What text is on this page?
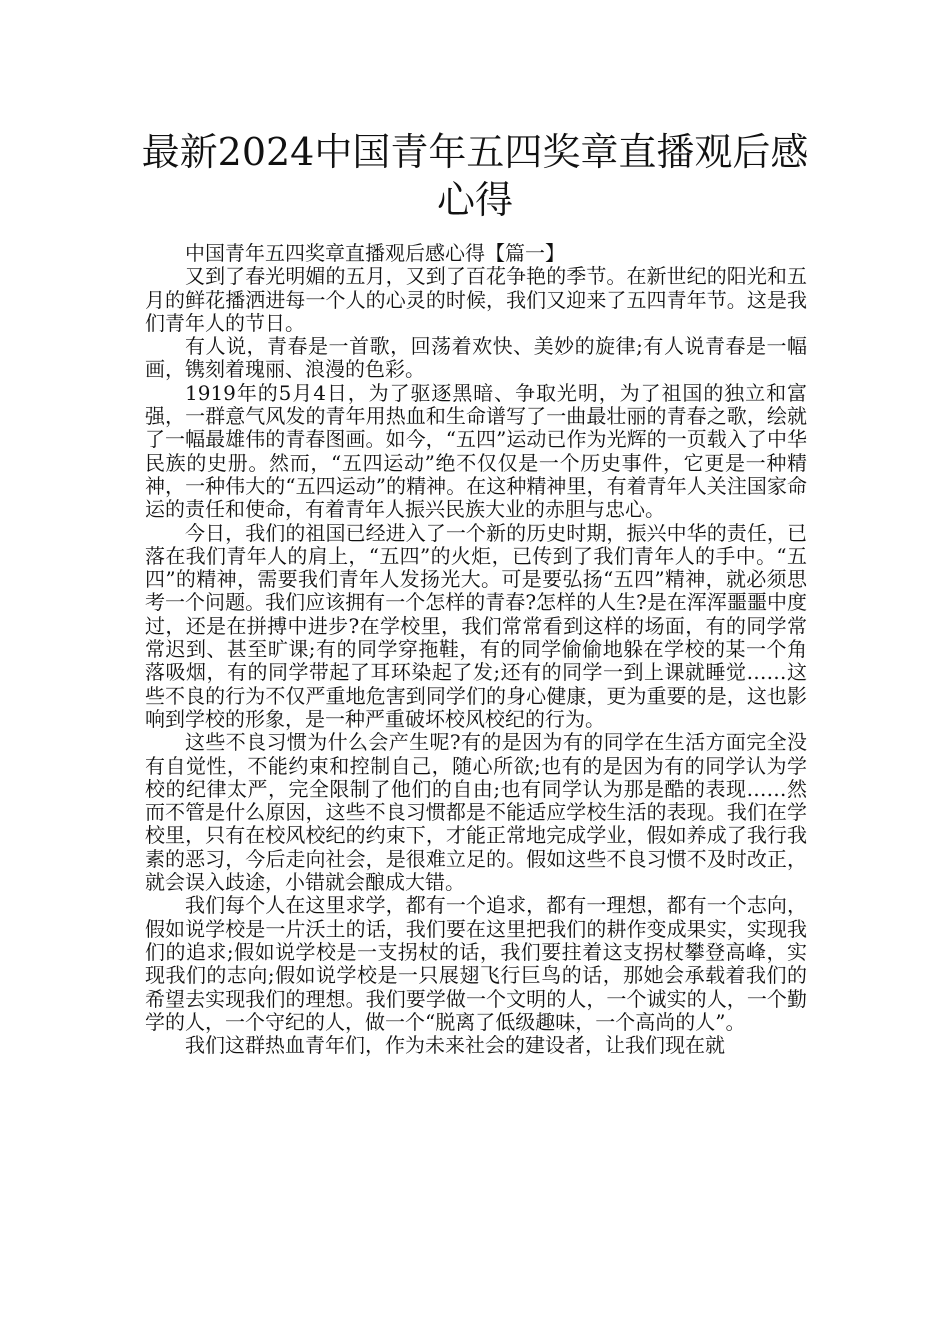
最新2024中国青年五四奖章直播观后感心得

中国青年五四奖章直播观后感心得【篇一】

又到了春光明媚的五月，又到了百花争艳的季节。在新世纪的阳光和五月的鲜花播洒进每一个人的心灵的时候，我们又迎来了五四青年节。这是我们青年人的节日。

有人说，青春是一首歌，回荡着欢快、美妙的旋律;有人说青春是一幅画，镌刻着瑰丽、浪漫的色彩。

1919年的5月4日，为了驱逐黑暗、争取光明，为了祖国的独立和富强，一群意气风发的青年用热血和生命谱写了一曲最壮丽的青春之歌，绘就了一幅最雄伟的青春图画。如今，“五四”运动已作为光辉的一页载入了中华民族的史册。然而，“五四运动”绝不仅仅是一个历史事件，它更是一种精神，一种伟大的“五四运动”的精神。在这种精神里，有着青年人关注国家命运的责任和使命，有着青年人振兴民族大业的赤胆与忠心。

今日，我们的祖国已经进入了一个新的历史时期，振兴中华的责任，已落在我们青年人的肩上，“五四”的火炬，已传到了我们青年人的手中。“五四”的精神，需要我们青年人发扬光大。可是要弘扬“五四”精神，就必须思考一个问题。我们应该拥有一个怎样的青春?怎样的人生?是在浑浑噩噩中度过，还是在拼搏中进步?在学校里，我们常常看到这样的场面，有的同学常常迟到、甚至旷课;有的同学穿拖鞋，有的同学偷偷地躲在学校的某一个角落吸烟，有的同学带起了耳环染起了发;还有的同学一到上课就睡觉……这些不良的行为不仅严重地危害到同学们的身心健康，更为重要的是，这也影响到学校的形象，是一种严重破坏校风校纪的行为。

这些不良习惯为什么会产生呢?有的是因为有的同学在生活方面完全没有自觉性，不能约束和控制自己，随心所欲;也有的是因为有的同学认为学校的纪律太严，完全限制了他们的自由;也有同学认为那是酷的表现……然而不管是什么原因，这些不良习惯都是不能适应学校生活的表现。我们在学校里，只有在校风校纪的约束下，才能正常地完成学业，假如养成了我行我素的恶习，今后走向社会，是很难立足的。假如这些不良习惯不及时改正，就会误入歧途，小错就会酿成大错。

我们每个人在这里求学，都有一个追求，都有一理想，都有一个志向，假如说学校是一片沃土的话，我们要在这里把我们的耕作变成果实，实现我们的追求;假如说学校是一支拐杖的话，我们要拄着这支拐杖攀登高峰，实现我们的志向;假如说学校是一只展翅飞行巨鸟的话，那她会承载着我们的希望去实现我们的理想。我们要学做一个文明的人，一个诚实的人，一个勤学的人，一个守纪的人，做一个“脱离了低级趣味，一个高尚的人”。

我们这群热血青年们，作为未来社会的建设者，让我们现在就
